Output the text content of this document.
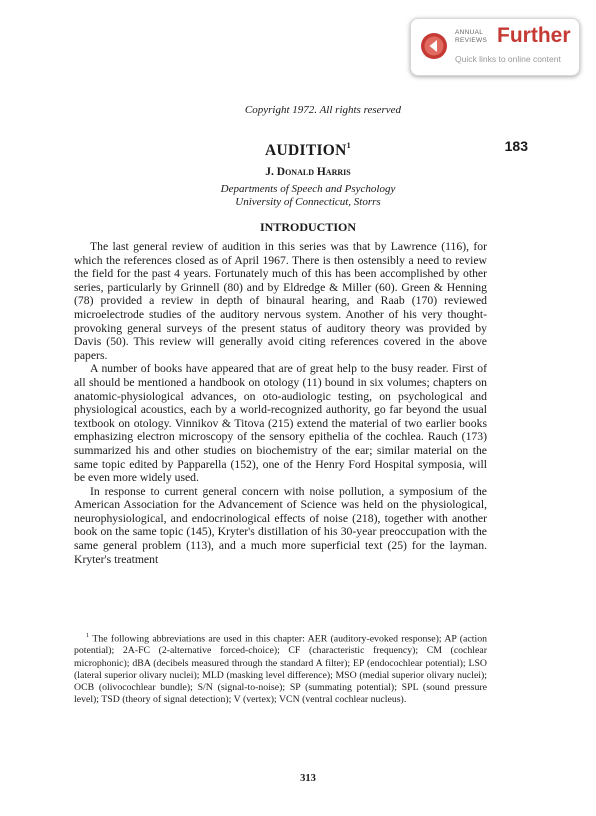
ANNUAL
REVIEWS Further
Quick links to online content

Copyright 1972. All rights reserved

183

AUDITION$^1$

J. Donald Harris

Departments of Speech and Psychology
University of Connecticut, Storrs

INTRODUCTION

The last general review of audition in this series was that by Lawrence (116), for which the references closed as of April 1967. There is then ostensibly a need to review the field for the past 4 years. Fortunately much of this has been accomplished by other series, particularly by Grinnell (80) and by Eldredge & Miller (60). Green & Henning (78) provided a review in depth of binaural hearing, and Raab (170) reviewed microelectrode studies of the auditory nervous system. Another of his very thought-provoking general surveys of the present status of auditory theory was provided by Davis (50). This review will generally avoid citing references covered in the above papers.

A number of books have appeared that are of great help to the busy reader. First of all should be mentioned a handbook on otology (11) bound in six volumes; chapters on anatomic-physiological advances, on oto-audiologic testing, on psychological and physiological acoustics, each by a world-recognized authority, go far beyond the usual textbook on otology. Vinnikov & Titova (215) extend the material of two earlier books emphasizing electron microscopy of the sensory epithelia of the cochlea. Rauch (173) summarized his and other studies on biochemistry of the ear; similar material on the same topic edited by Papparella (152), one of the Henry Ford Hospital symposia, will be even more widely used.

In response to current general concern with noise pollution, a symposium of the American Association for the Advancement of Science was held on the physiological, neurophysiological, and endocrinological effects of noise (218), together with another book on the same topic (145), Kryter's distillation of his 30-year preoccupation with the same general problem (113), and a much more superficial text (25) for the layman. Kryter's treatment

$^1$ The following abbreviations are used in this chapter: AER (auditory-evoked response); AP (action potential); 2A-FC (2-alternative forced-choice); CF (characteristic frequency); CM (cochlear microphonic); dBA (decibels measured through the standard A filter); EP (endocochlear potential); LSO (lateral superior olivary nuclei); MLD (masking level difference); MSO (medial superior olivary nuclei); OCB (olivocochlear bundle); S/N (signal-to-noise); SP (summating potential); SPL (sound pressure level); TSD (theory of signal detection); V (vertex); VCN (ventral cochlear nucleus).

313
